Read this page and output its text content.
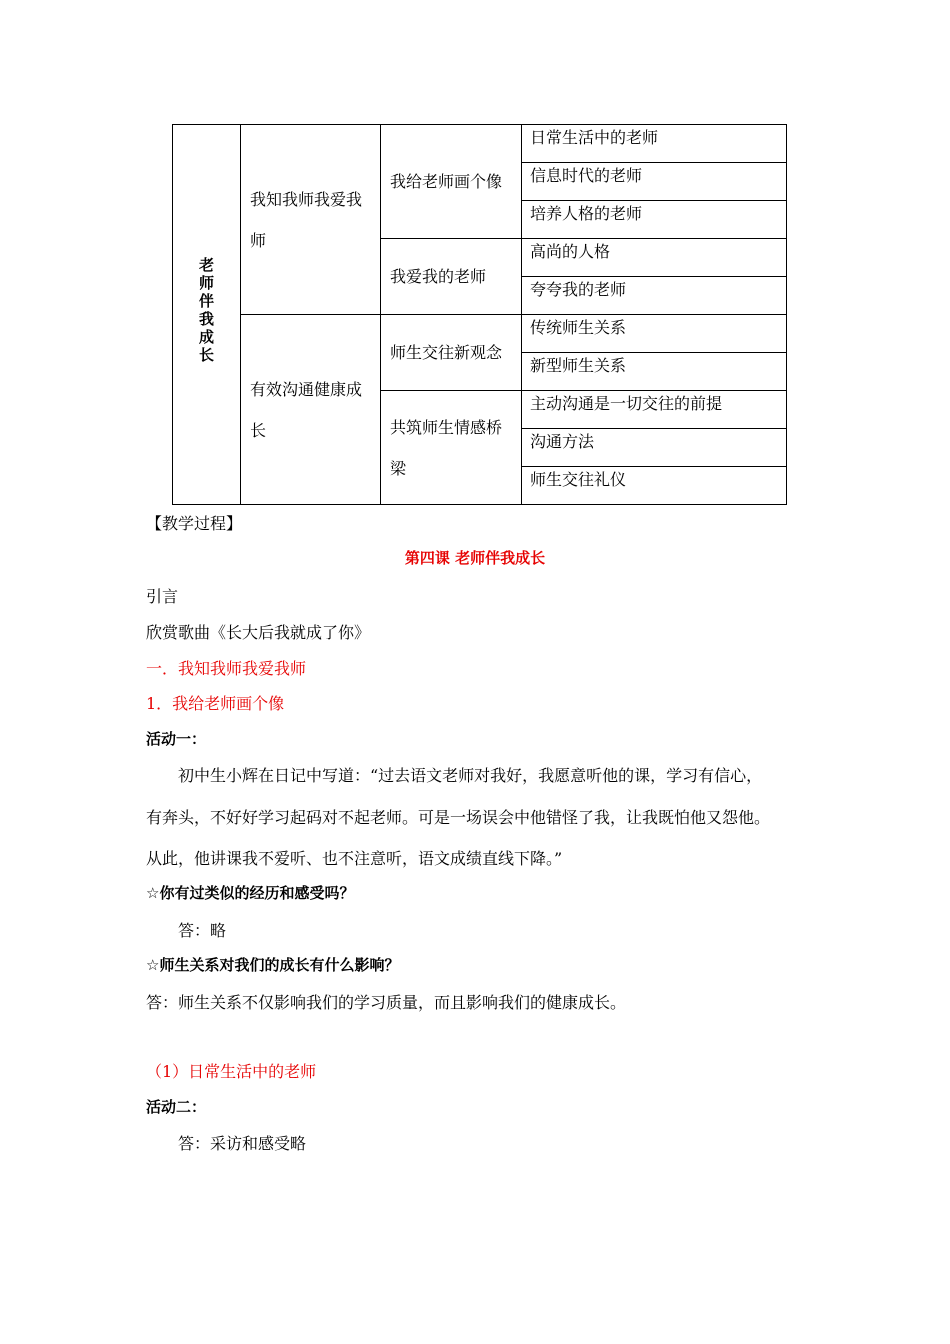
老师伴我成长	我知我师我爱我师	我给老师画个像	日常生活中的老师

			信息时代的老师

			培养人格的老师

		我爱我的老师	高尚的人格

			夸夸我的老师

	有效沟通健康成长	师生交往新观念	传统师生关系

			新型师生关系

		共筑师生情感桥梁	主动沟通是一切交往的前提

			沟通方法

			师生交往礼仪
【教学过程】
第四课 老师伴我成长
引言
欣赏歌曲《长大后我就成了你》
一．我知我师我爱我师
1．我给老师画个像
活动一：
初中生小辉在日记中写道：“过去语文老师对我好，我愿意听他的课，学习有信心，
有奔头，不好好学习起码对不起老师。可是一场误会中他错怪了我，让我既怕他又怨他。
从此，他讲课我不爱听、也不注意听，语文成绩直线下降。”
☆你有过类似的经历和感受吗？
答：略
☆师生关系对我们的成长有什么影响？
答：师生关系不仅影响我们的学习质量，而且影响我们的健康成长。
（1）日常生活中的老师
活动二：
答：采访和感受略
